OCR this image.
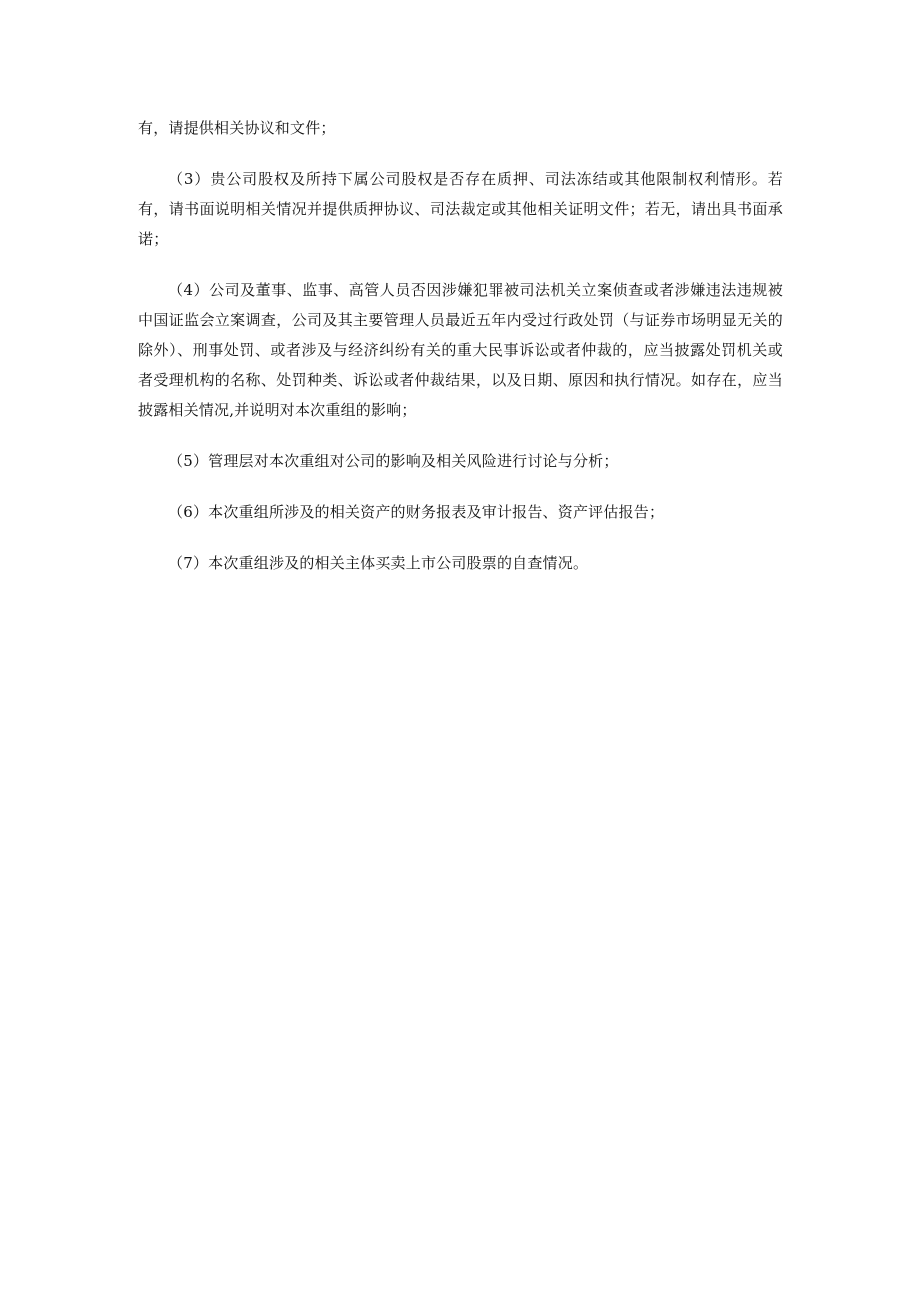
有，请提供相关协议和文件；

（3）贵公司股权及所持下属公司股权是否存在质押、司法冻结或其他限制权利情形。若有，请书面说明相关情况并提供质押协议、司法裁定或其他相关证明文件；若无，请出具书面承诺；

（4）公司及董事、监事、高管人员否因涉嫌犯罪被司法机关立案侦查或者涉嫌违法违规被中国证监会立案调查，公司及其主要管理人员最近五年内受过行政处罚（与证券市场明显无关的除外）、刑事处罚、或者涉及与经济纠纷有关的重大民事诉讼或者仲裁的，应当披露处罚机关或者受理机构的名称、处罚种类、诉讼或者仲裁结果，以及日期、原因和执行情况。如存在，应当披露相关情况,并说明对本次重组的影响；

（5）管理层对本次重组对公司的影响及相关风险进行讨论与分析；

（6）本次重组所涉及的相关资产的财务报表及审计报告、资产评估报告；

（7）本次重组涉及的相关主体买卖上市公司股票的自查情况。
